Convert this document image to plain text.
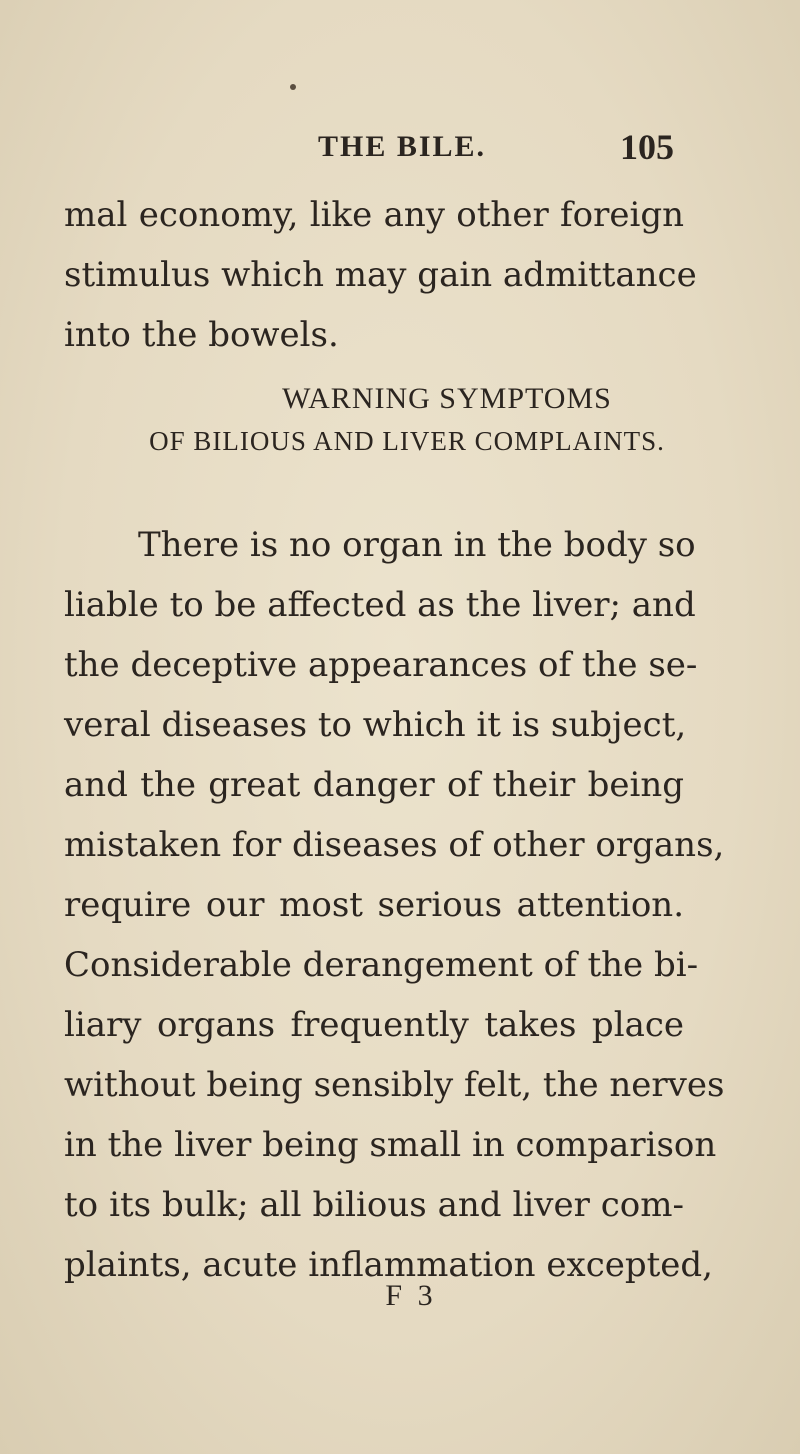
THE BILE.	105
mal economy, like any other foreign
stimulus which may gain admittance
into the bowels.
WARNING SYMPTOMS
OF BILIOUS AND LIVER COMPLAINTS.
There is no organ in the body so
liable to be affected as the liver; and
the deceptive appearances of the se-
veral diseases to which it is subject,
and the great danger of their being
mistaken for diseases of other organs,
require our most serious attention.
Considerable derangement of the bi-
liary organs frequently takes place
without being sensibly felt, the nerves
in the liver being small in comparison
to its bulk; all bilious and liver com-
plaints, acute inflammation excepted,
F 3
